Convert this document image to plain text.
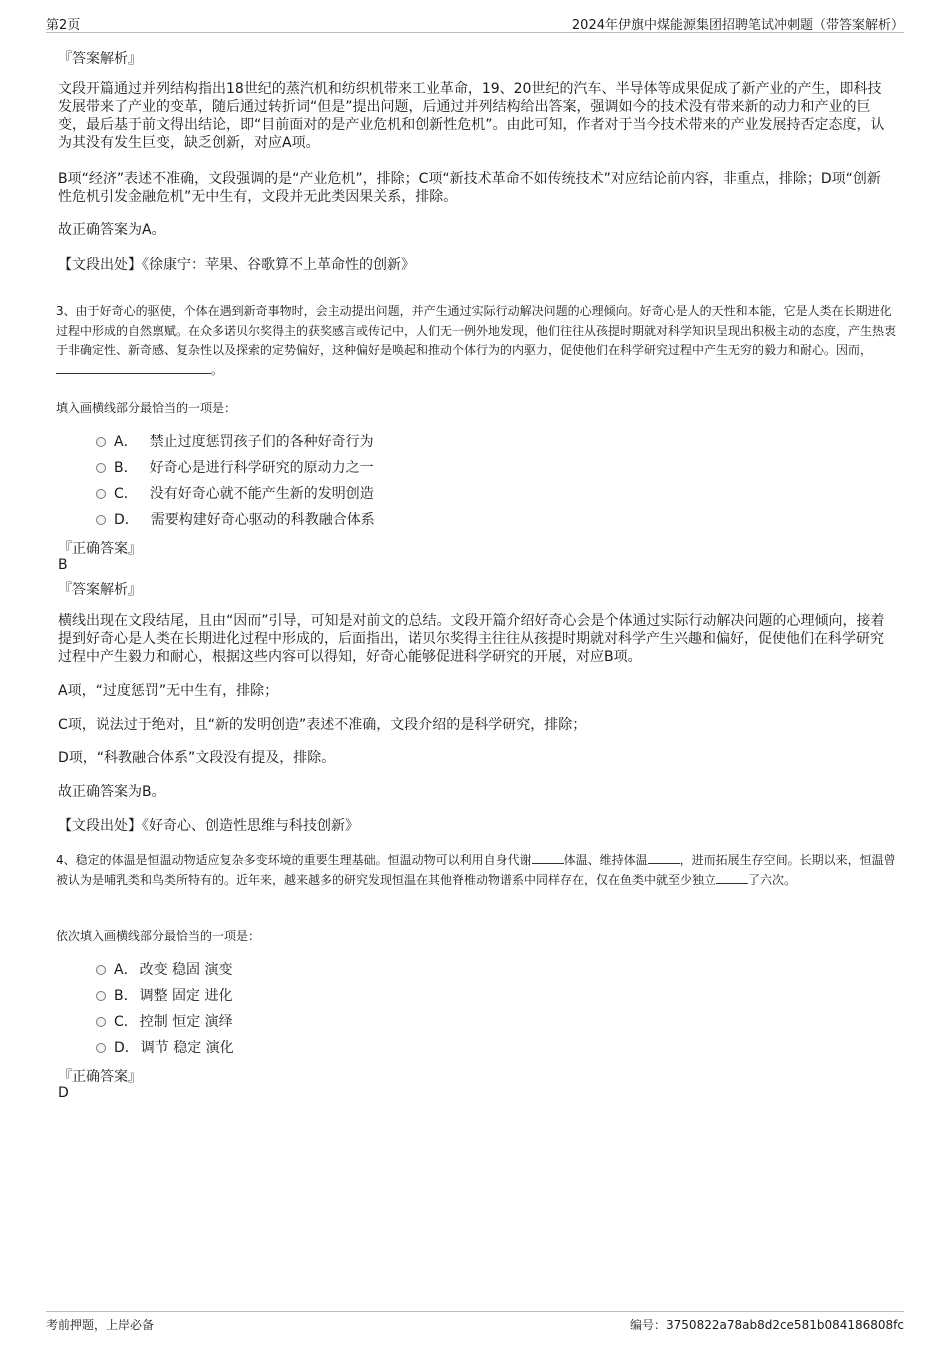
第2页	2024年伊旗中煤能源集团招聘笔试冲刺题（带答案解析）
『答案解析』
文段开篇通过并列结构指出18世纪的蒸汽机和纺织机带来工业革命，19、20世纪的汽车、半导体等成果促成了新产业的产生，即科技发展带来了产业的变革，随后通过转折词“但是”提出问题，后通过并列结构给出答案，强调如今的技术没有带来新的动力和产业的巨变，最后基于前文得出结论，即“目前面对的是产业危机和创新性危机”。由此可知，作者对于当今技术带来的产业发展持否定态度，认为其没有发生巨变，缺乏创新，对应A项。
B项“经济”表述不准确，文段强调的是“产业危机”，排除；C项“新技术革命不如传统技术”对应结论前内容，非重点，排除；D项“创新性危机引发金融危机”无中生有，文段并无此类因果关系，排除。
故正确答案为A。
【文段出处】《徐康宁：苹果、谷歌算不上革命性的创新》
3、由于好奇心的驱使，个体在遇到新奇事物时，会主动提出问题，并产生通过实际行动解决问题的心理倾向。好奇心是人的天性和本能，它是人类在长期进化过程中形成的自然禀赋。在众多诺贝尔奖得主的获奖感言或传记中，人们无一例外地发现，他们往往从孩提时期就对科学知识呈现出积极主动的态度，产生热衷于非确定性、新奇感、复杂性以及探索的定势偏好，这种偏好是唤起和推动个体行为的内驱力，促使他们在科学研究过程中产生无穷的毅力和耐心。因而，。
填入画横线部分最恰当的一项是：
A． 禁止过度惩罚孩子们的各种好奇行为
B． 好奇心是进行科学研究的原动力之一
C． 没有好奇心就不能产生新的发明创造
D． 需要构建好奇心驱动的科教融合体系
『正确答案』
B
『答案解析』
横线出现在文段结尾，且由“因而”引导，可知是对前文的总结。文段开篇介绍好奇心会是个体通过实际行动解决问题的心理倾向，接着提到好奇心是人类在长期进化过程中形成的，后面指出，诺贝尔奖得主往往从孩提时期就对科学产生兴趣和偏好，促使他们在科学研究过程中产生毅力和耐心，根据这些内容可以得知，好奇心能够促进科学研究的开展，对应B项。
A项，“过度惩罚”无中生有，排除；
C项，说法过于绝对，且“新的发明创造”表述不准确，文段介绍的是科学研究，排除；
D项，“科教融合体系”文段没有提及，排除。
故正确答案为B。
【文段出处】《好奇心、创造性思维与科技创新》
4、稳定的体温是恒温动物适应复杂多变环境的重要生理基础。恒温动物可以利用自身代谢	体温、维持体温	，进而拓展生存空间。长期以来，恒温曾被认为是哺乳类和鸟类所特有的。近年来，越来越多的研究发现恒温在其他脊椎动物谱系中同样存在，仅在鱼类中就至少独立	了六次。
依次填入画横线部分最恰当的一项是：
A． 改变 稳固 演变
B． 调整 固定 进化
C． 控制 恒定 演绎
D． 调节 稳定 演化
『正确答案』
D
考前押题，上岸必备	编号：3750822a78ab8d2ce581b084186808fc
